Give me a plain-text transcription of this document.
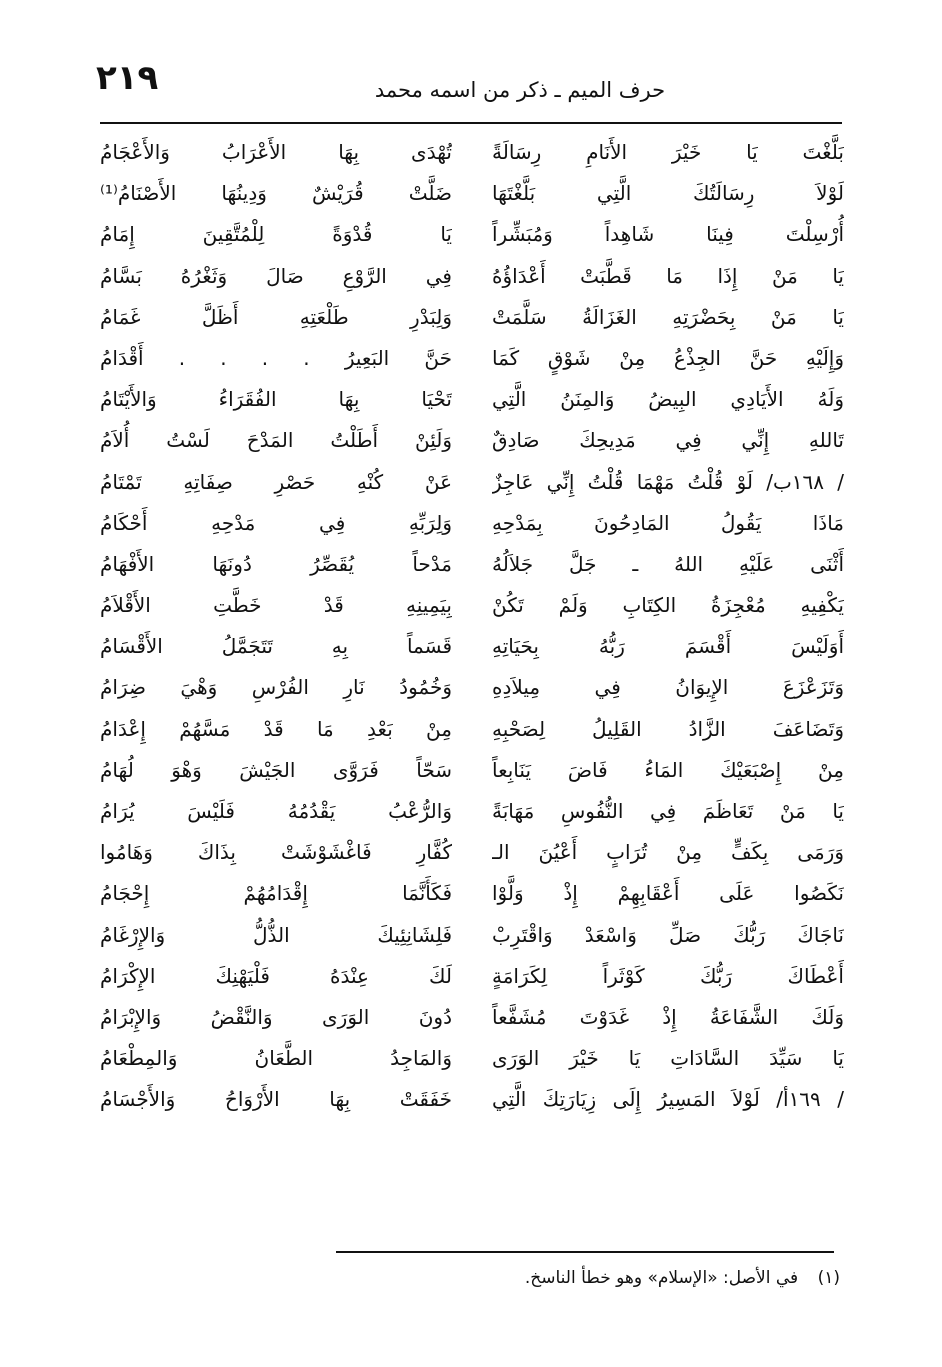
٢١٩	حرف الميم ـ ذكر من اسمه محمد
بَلَّغْتَ يَا خَيْرَ الأَنَامِ رِسَالَةً
لَوْلاَ رِسَالَتُكَ الَّتِي بَلَّغْتَهَا
أُرْسِلْتَ فِينَا شَاهِداً وَمُبَشِّراً
يَا مَنْ إِذَا مَا قَطَّبَتْ أَعْدَاؤُهُ
يَا مَنْ بِحَضْرَتِهِ الغَزَالَةُ سَلَّمَتْ
وَإِلَيْهِ حَنَّ الجِذْعُ مِنْ شَوْقٍ كَمَا
وَلَهُ الأَيَادِي البِيضُ وَالمِنَنُ الَّتِي
تَاللهِ إِنِّي فِي مَدِيحِكَ صَادِقٌ
/ ١٦٨ب/ لَوْ قُلْتُ مَهْمَا قُلْتُ إِنِّي عَاجِزٌ
مَاذَا يَقُولُ المَادِحُونَ بِمَدْحِهِ
أَثْنَى عَلَيْهِ اللهُ ـ جَلَّ جَلاَلُهُ
يَكْفِيهِ مُعْجِزَةُ الكِتَابِ وَلَمْ تَكُنْ
أَوَلَيْسَ أَقْسَمَ رَبُّهُ بِحَيَاتِهِ
وَتَزَعْزَعَ الإِيوَانُ فِي مِيلاَدِهِ
وَتَضَاعَفَ الزَّادُ القَلِيلُ لِصَحْبِهِ
مِنْ إِصْبَعَيْكَ المَاءُ فَاضَ يَنَابِعاً
يَا مَنْ تَعَاظَمَ فِي النُّفُوسِ مَهَابَةً
وَرَمَى بِكَفٍّ مِنْ تُرَابٍ أَعْيُنَ الـ
نَكَصُوا عَلَى أَعْقَابِهِمْ إِذْ وَلَّوْا
نَاجَاكَ رَبُّكَ صَلِّ وَاسْعَدْ وَاقْتَرِبْ
أَعْطَاكَ رَبُّكَ كَوْثَراً لِكَرَامَةٍ
وَلَكَ الشَّفَاعَةُ إِذْ غَدَوْتَ مُشَفَّعاً
يَا سَيِّدَ السَّادَاتِ يَا خَيْرَ الوَرَى
/ ١٦٩أ/ لَوْلاَ المَسِيرُ إِلَى زِيَارَتِكَ الَّتِي
تُهْدَى بِهَا الأَعْرَابُ وَالأَعْجَامُ
ضَلَّتْ قُرَيْشٌ وَدِينُهَا الأَصْنَامُ⁽¹⁾
يَا قُدْوَةً لِلْمُتَّقِينَ إِمَامُ
فِي الرَّوْعِ صَالَ وَثَغْرُهُ بَسَّامُ
وَلِبَدْرِ طَلْعَتِهِ أَظَلَّ غَمَامُ
حَنَّ البَعِيرُ . . . . أَقْدَامُ
تَحْيَا بِهَا الفُقَرَاءُ وَالأَيْتَامُ
وَلَئِنْ أَطَلْتُ المَدْحَ لَسْتُ أُلاَمُ
عَنْ كُنْهِ حَصْرِ صِفَاتِهِ تَمْتَامُ
وَلِرَبِّهِ فِي مَدْحِهِ أَحْكَامُ
مَدْحاً يُقَصِّرُ دُونَهَا الأَفْهَامُ
بِيَمِينِهِ قَدْ خَطَّتِ الأَقْلاَمُ
قَسَماً بِهِ تَتَجَمَّلُ الأَقْسَامُ
وَخُمُودُ نَارِ الفُرْسِ وَهْيَ ضِرَامُ
مِنْ بَعْدِ مَا قَدْ مَسَّهُمْ إِعْدَامُ
سَحّاً فَرَوَّى الجَيْشَ وَهْوَ لُهَامُ
وَالرُّعْبُ يَقْدُمُهُ فَلَيْسَ يُرَامُ
كُفَّارِ فَاغْشَوْشَتْ بِذَاكَ وَهَامُوا
فَكَأَنَّمَا إِقْدَامُهُمْ إِحْجَامُ
فَلِشَانِئِيكَ الذُّلُّ وَالإِرْغَامُ
لَكَ عِنْدَهُ فَلْيَهْنِكَ الإِكْرَامُ
دُونَ الوَرَى وَالنَّقْضُ وَالإِبْرَامُ
وَالمَاجِدُ الطَّعَانُ وَالمِطْعَامُ
خَفَقَتْ بِهَا الأَرْوَاحُ وَالأَجْسَامُ
(١) في الأصل: «الإسلام» وهو خطأ الناسخ.
